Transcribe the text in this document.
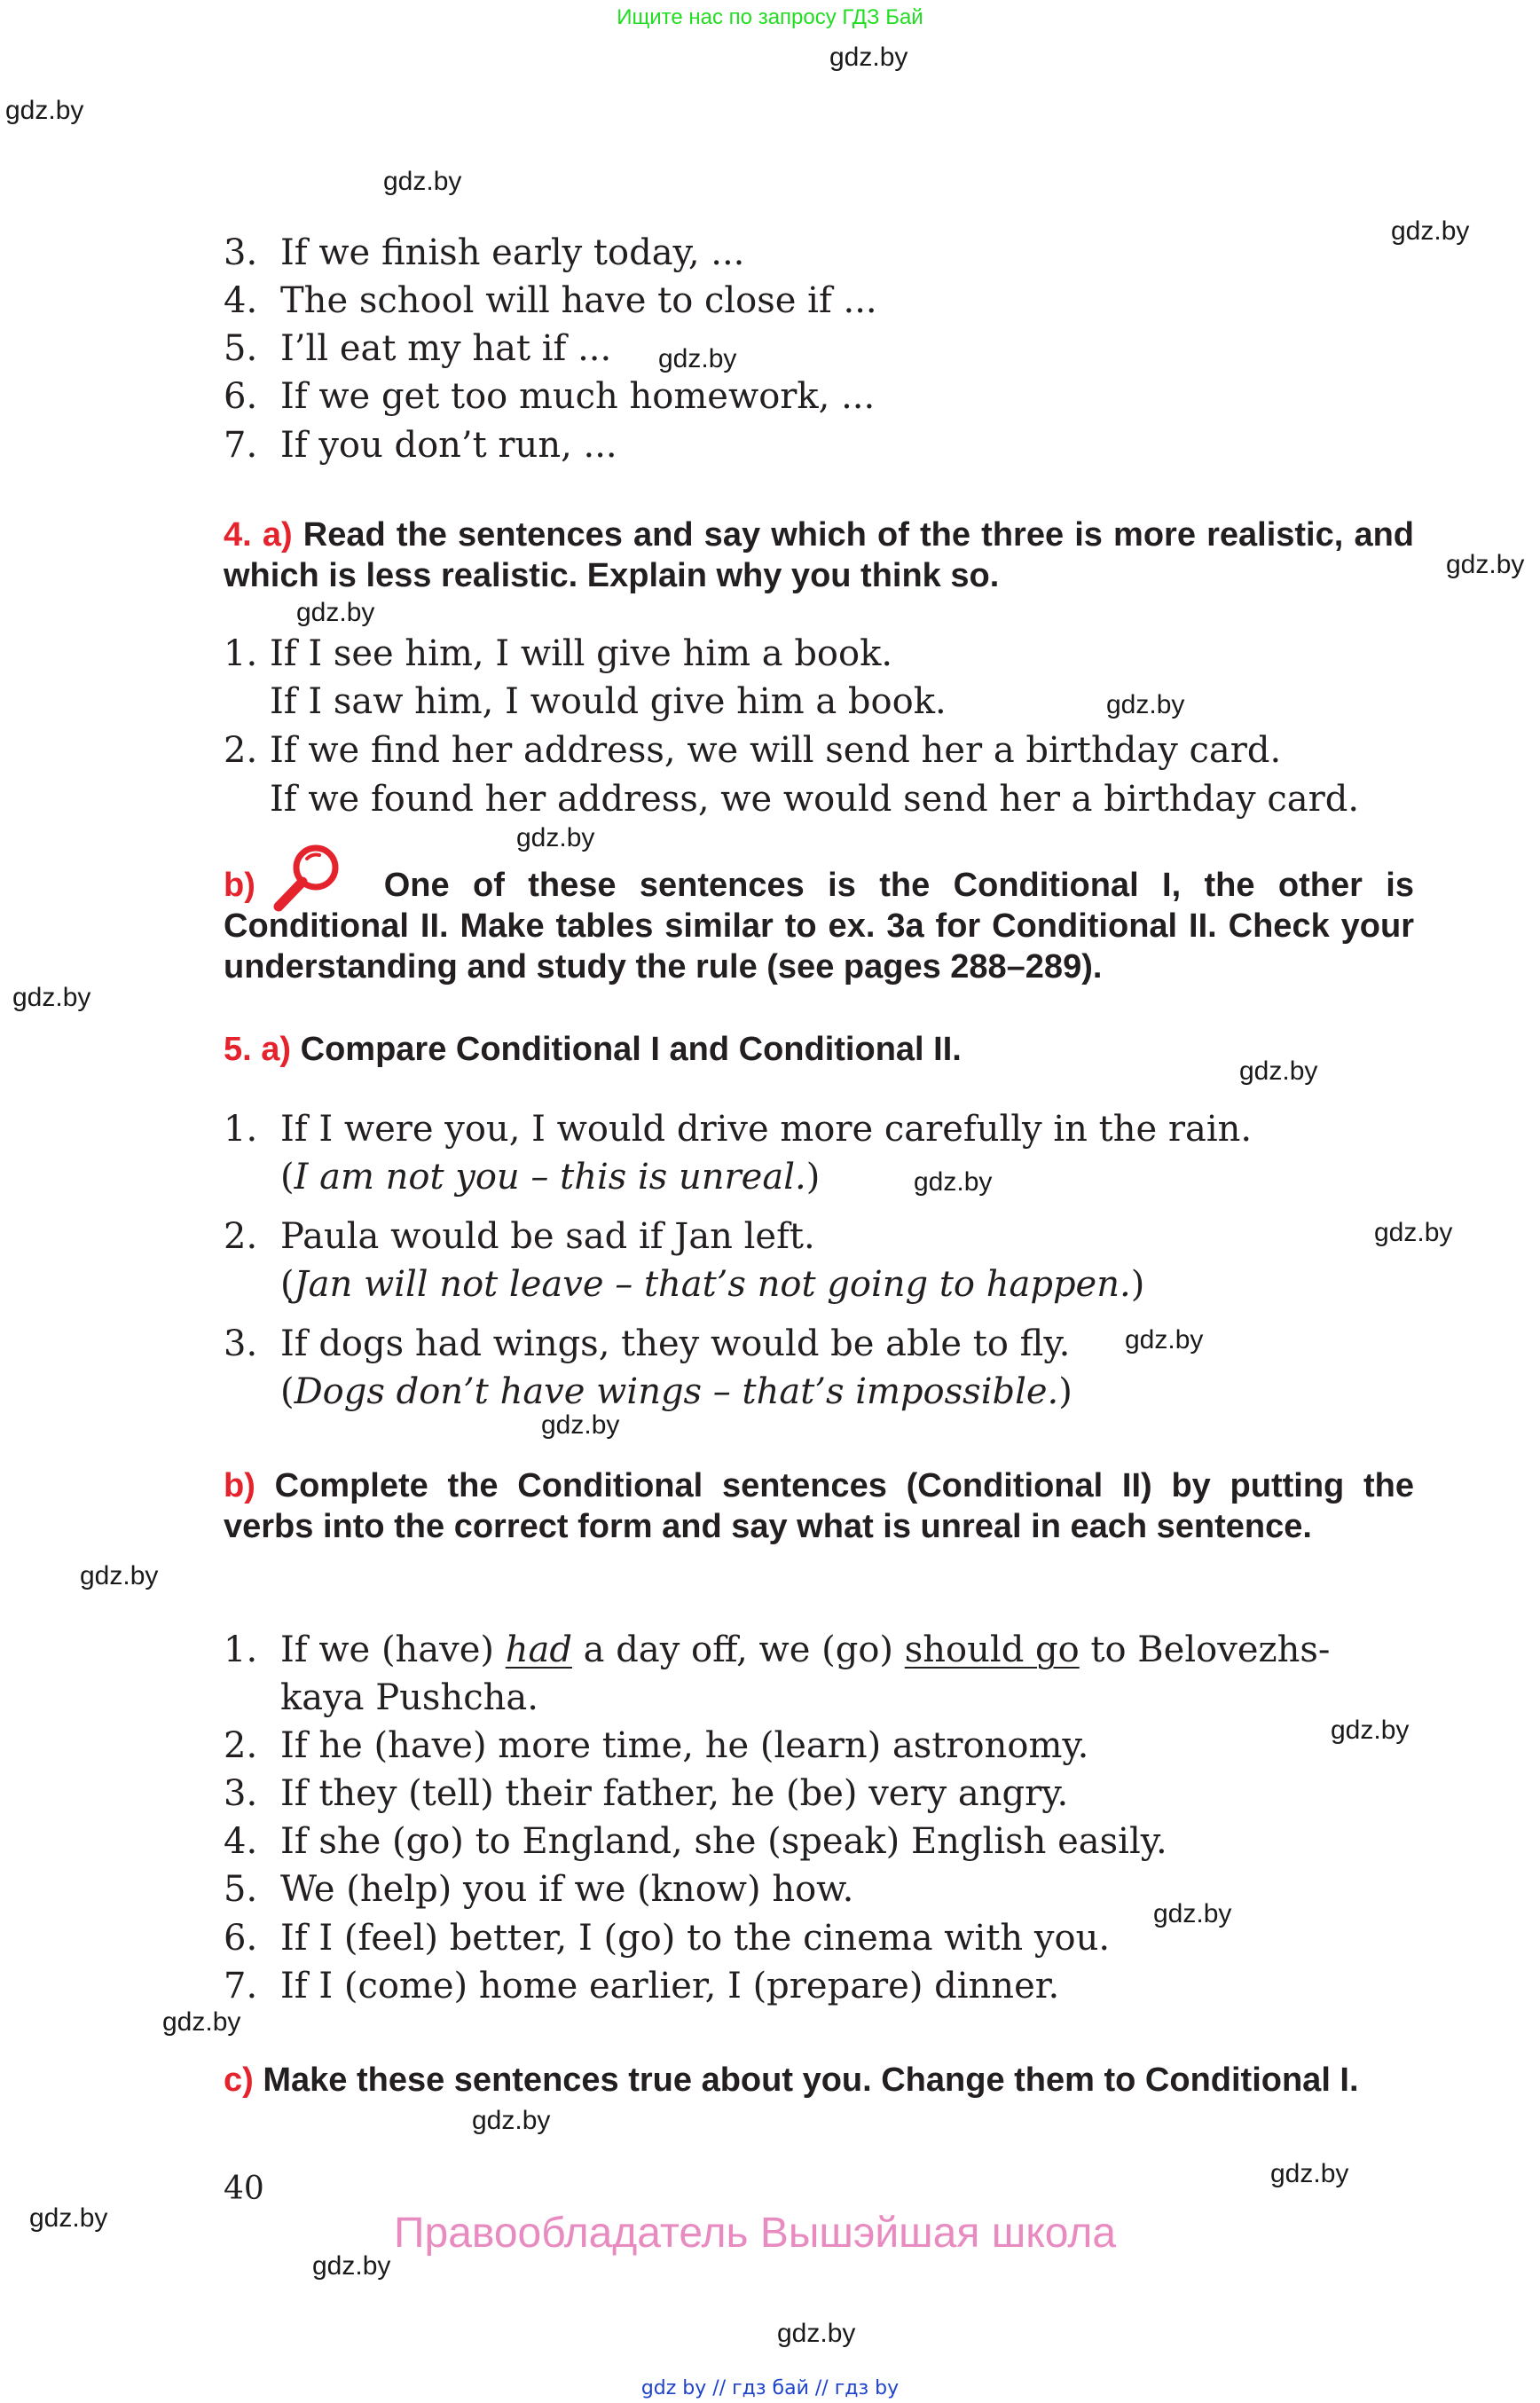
Ищите нас по запросу ГДЗ Бай
gdz.by
gdz.by
gdz.by
gdz.by
gdz.by
gdz.by
gdz.by
gdz.by
gdz.by
gdz.by
gdz.by
gdz.by
gdz.by
gdz.by
gdz.by
gdz.by
gdz.by
gdz.by
gdz.by
gdz.by
gdz.by
gdz.by
gdz.by
gdz.by
3. If we finish early today, ...
4. The school will have to close if ...
5. I’ll eat my hat if ...
6. If we get too much homework, ...
7. If you don’t run, ...
4. a) Read the sentences and say which of the three is more realistic, and which is less realistic. Explain why you think so.
1. If I see him, I will give him a book.
If I saw him, I would give him a book.
2. If we find her address, we will send her a birthday card.
If we found her address, we would send her a birthday card.
b)	One of these sentences is the Conditional I, the other is Conditional II. Make tables similar to ex. 3a for Conditional II. Check your understanding and study the rule (see pages 288–289).
5. a) Compare Conditional I and Conditional II.
1. If I were you, I would drive more carefully in the rain.
(I am not you – this is unreal.)
2. Paula would be sad if Jan left.
(Jan will not leave – that’s not going to happen.)
3. If dogs had wings, they would be able to fly.
(Dogs don’t have wings – that’s impossible.)
b) Complete the Conditional sentences (Conditional II) by putting the verbs into the correct form and say what is unreal in each sentence.
1. If we (have) had a day off, we (go) should go to Belovezhs-
kaya Pushcha.
2. If he (have) more time, he (learn) astronomy.
3. If they (tell) their father, he (be) very angry.
4. If she (go) to England, she (speak) English easily.
5. We (help) you if we (know) how.
6. If I (feel) better, I (go) to the cinema with you.
7. If I (come) home earlier, I (prepare) dinner.
c) Make these sentences true about you. Change them to Conditional I.
40
Правообладатель Вышэйшая школа
gdz by // гдз бай // гдз by
